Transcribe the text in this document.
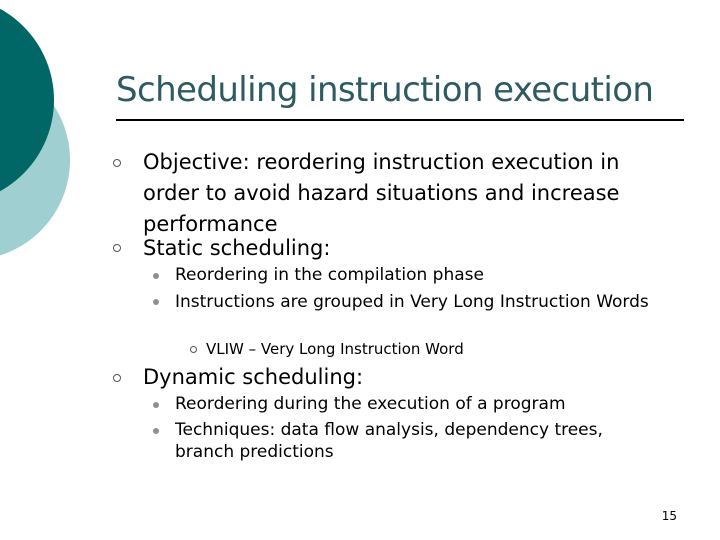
Scheduling instruction execution
Objective: reordering instruction execution in order to avoid hazard situations and increase performance
Static scheduling:
Reordering in the compilation phase
Instructions are grouped in Very Long Instruction Words
VLIW – Very Long Instruction Word
Dynamic scheduling:
Reordering during the execution of a program
Techniques: data flow analysis, dependency trees, branch predictions
15
